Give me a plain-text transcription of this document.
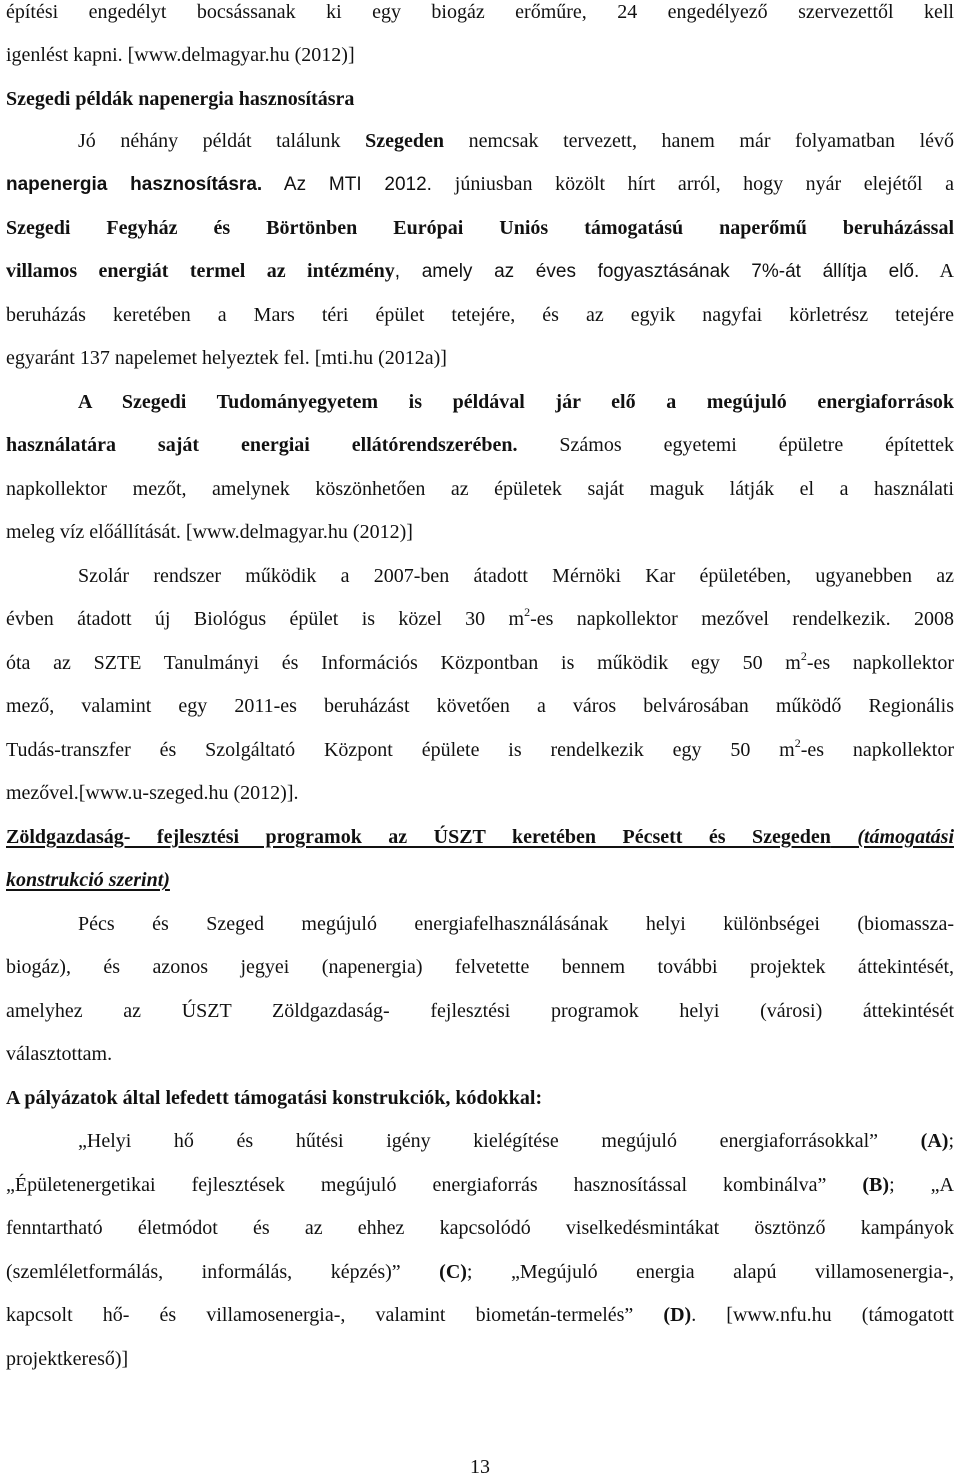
építési engedélyt bocsássanak ki egy biogáz erőműre, 24 engedélyező szervezettől kell
igenlést kapni. [www.delmagyar.hu (2012)]
Szegedi példák napenergia hasznosításra
Jó néhány példát találunk Szegeden nemcsak tervezett, hanem már folyamatban lévő
napenergia hasznosításra. Az MTI 2012. júniusban közölt hírt arról, hogy nyár elejétől a
Szegedi Fegyház és Börtönben Európai Uniós támogatású naperőmű beruházással
villamos energiát termel az intézmény, amely az éves fogyasztásának 7%-át állítja elő. A
beruházás keretében a Mars téri épület tetejére, és az egyik nagyfai körletrész tetejére
egyaránt 137 napelemet helyeztek fel. [mti.hu (2012a)]
A Szegedi Tudományegyetem is példával jár elő a megújuló energiaforrások
használatára saját energiai ellátórendszerében. Számos egyetemi épületre építettek
napkollektor mezőt, amelynek köszönhetően az épületek saját maguk látják el a használati
meleg víz előállítását. [www.delmagyar.hu (2012)]
Szolár rendszer működik a 2007-ben átadott Mérnöki Kar épületében, ugyanebben az
évben átadott új Biológus épület is közel 30 $m^2-es$ napkollektor mezővel rendelkezik. 2008
óta az SZTE Tanulmányi és Információs Központban is működik egy 50 $m^2-es$ napkollektor
mező, valamint egy 2011-es beruházást követően a város belvárosában működő Regionális
Tudás-transzfer és Szolgáltató Központ épülete is rendelkezik egy 50 $m^2-es$ napkollektor
mezővel.[www.u-szeged.hu (2012)].
Zöldgazdaság- fejlesztési programok az ÚSZT keretében Pécsett és Szegeden (támogatási
konstrukció szerint)
Pécs és Szeged megújuló energiafelhasználásának helyi különbségei (biomassza-
biogáz), és azonos jegyei (napenergia) felvetette bennem további projektek áttekintését,
amelyhez az ÚSZT Zöldgazdaság- fejlesztési programok helyi (városi) áttekintését
választottam.
A pályázatok által lefedett támogatási konstrukciók, kódokkal:
„Helyi hő és hűtési igény kielégítése megújuló energiaforrásokkal” (A);
„Épületenergetikai fejlesztések megújuló energiaforrás hasznosítással kombinálva” (B); „A
fenntartható életmódot és az ehhez kapcsolódó viselkedésmintákat ösztönző kampányok
(szemléletformálás, informálás, képzés)” (C); „Megújuló energia alapú villamosenergia-,
kapcsolt hő- és villamosenergia-, valamint biometán-termelés” (D). [www.nfu.hu (támogatott
projektkereső)]
13
